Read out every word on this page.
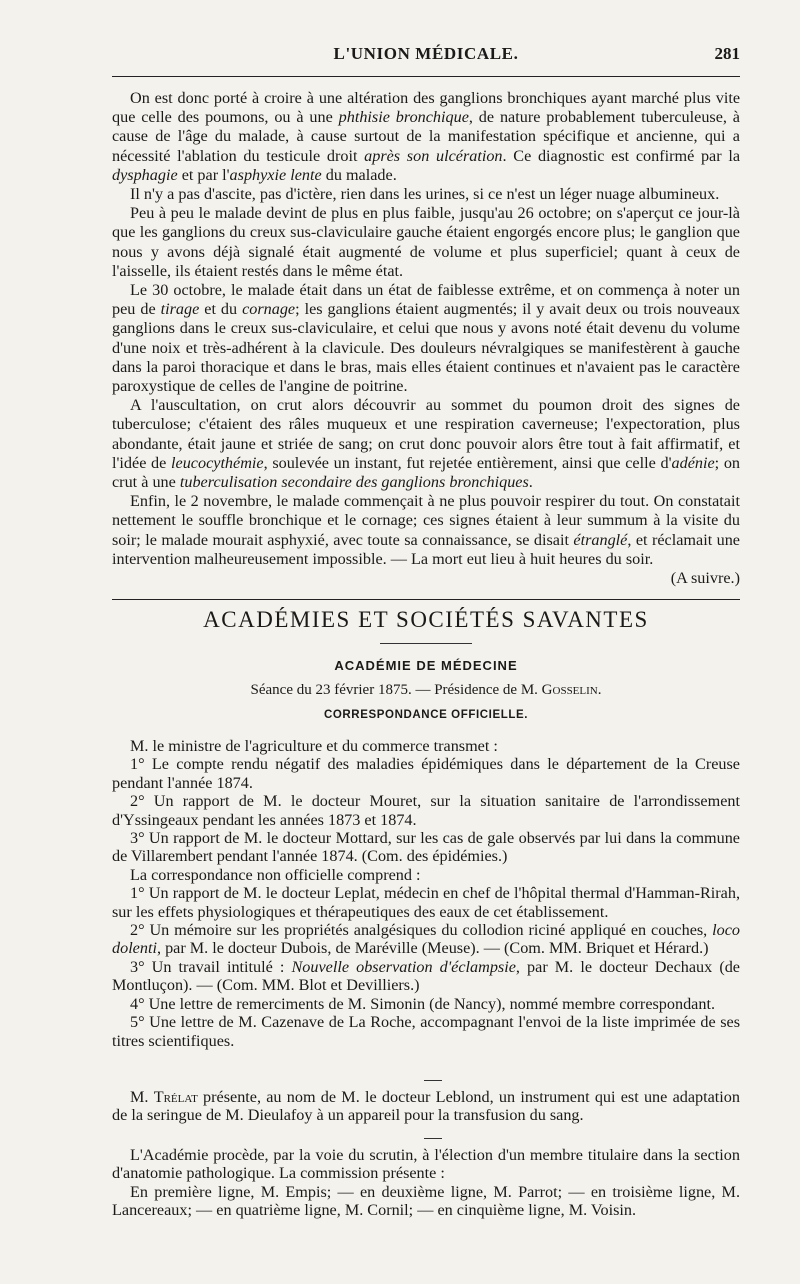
L'UNION MÉDICALE.	281

On est donc porté à croire à une altération des ganglions bronchiques ayant marché plus vite que celle des poumons, ou à une phthisie bronchique, de nature probablement tuberculeuse, à cause de l'âge du malade, à cause surtout de la manifestation spécifique et ancienne, qui a nécessité l'ablation du testicule droit après son ulcération. Ce diagnostic est confirmé par la dysphagie et par l'asphyxie lente du malade.

Il n'y a pas d'ascite, pas d'ictère, rien dans les urines, si ce n'est un léger nuage albumineux.

Peu à peu le malade devint de plus en plus faible, jusqu'au 26 octobre; on s'aperçut ce jour-là que les ganglions du creux sus-claviculaire gauche étaient engorgés encore plus; le ganglion que nous y avons déjà signalé était augmenté de volume et plus superficiel; quant à ceux de l'aisselle, ils étaient restés dans le même état.

Le 30 octobre, le malade était dans un état de faiblesse extrême, et on commença à noter un peu de tirage et du cornage; les ganglions étaient augmentés; il y avait deux ou trois nouveaux ganglions dans le creux sus-claviculaire, et celui que nous y avons noté était devenu du volume d'une noix et très-adhérent à la clavicule. Des douleurs névralgiques se manifestèrent à gauche dans la paroi thoracique et dans le bras, mais elles étaient continues et n'avaient pas le caractère paroxystique de celles de l'angine de poitrine.

A l'auscultation, on crut alors découvrir au sommet du poumon droit des signes de tuberculose; c'étaient des râles muqueux et une respiration caverneuse; l'expectoration, plus abondante, était jaune et striée de sang; on crut donc pouvoir alors être tout à fait affirmatif, et l'idée de leucocythémie, soulevée un instant, fut rejetée entièrement, ainsi que celle d'adénie; on crut à une tuberculisation secondaire des ganglions bronchiques.

Enfin, le 2 novembre, le malade commençait à ne plus pouvoir respirer du tout. On constatait nettement le souffle bronchique et le cornage; ces signes étaient à leur summum à la visite du soir; le malade mourait asphyxié, avec toute sa connaissance, se disait étranglé, et réclamait une intervention malheureusement impossible. — La mort eut lieu à huit heures du soir.
(A suivre.)

ACADÉMIES ET SOCIÉTÉS SAVANTES
ACADÉMIE DE MÉDECINE
Séance du 23 février 1875. — Présidence de M. Gosselin.
CORRESPONDANCE OFFICIELLE.

M. le ministre de l'agriculture et du commerce transmet :

1° Le compte rendu négatif des maladies épidémiques dans le département de la Creuse pendant l'année 1874.

2° Un rapport de M. le docteur Mouret, sur la situation sanitaire de l'arrondissement d'Yssingeaux pendant les années 1873 et 1874.

3° Un rapport de M. le docteur Mottard, sur les cas de gale observés par lui dans la commune de Villarembert pendant l'année 1874. (Com. des épidémies.)

La correspondance non officielle comprend :

1° Un rapport de M. le docteur Leplat, médecin en chef de l'hôpital thermal d'Hamman-Rirah, sur les effets physiologiques et thérapeutiques des eaux de cet établissement.

2° Un mémoire sur les propriétés analgésiques du collodion riciné appliqué en couches, loco dolenti, par M. le docteur Dubois, de Maréville (Meuse). — (Com. MM. Briquet et Hérard.)

3° Un travail intitulé : Nouvelle observation d'éclampsie, par M. le docteur Dechaux (de Montluçon). — (Com. MM. Blot et Devilliers.)

4° Une lettre de remerciments de M. Simonin (de Nancy), nommé membre correspondant.

5° Une lettre de M. Cazenave de La Roche, accompagnant l'envoi de la liste imprimée de ses titres scientifiques.

M. Trélat présente, au nom de M. le docteur Leblond, un instrument qui est une adaptation de la seringue de M. Dieulafoy à un appareil pour la transfusion du sang.

L'Académie procède, par la voie du scrutin, à l'élection d'un membre titulaire dans la section d'anatomie pathologique. La commission présente :

En première ligne, M. Empis; — en deuxième ligne, M. Parrot; — en troisième ligne, M. Lancereaux; — en quatrième ligne, M. Cornil; — en cinquième ligne, M. Voisin.
